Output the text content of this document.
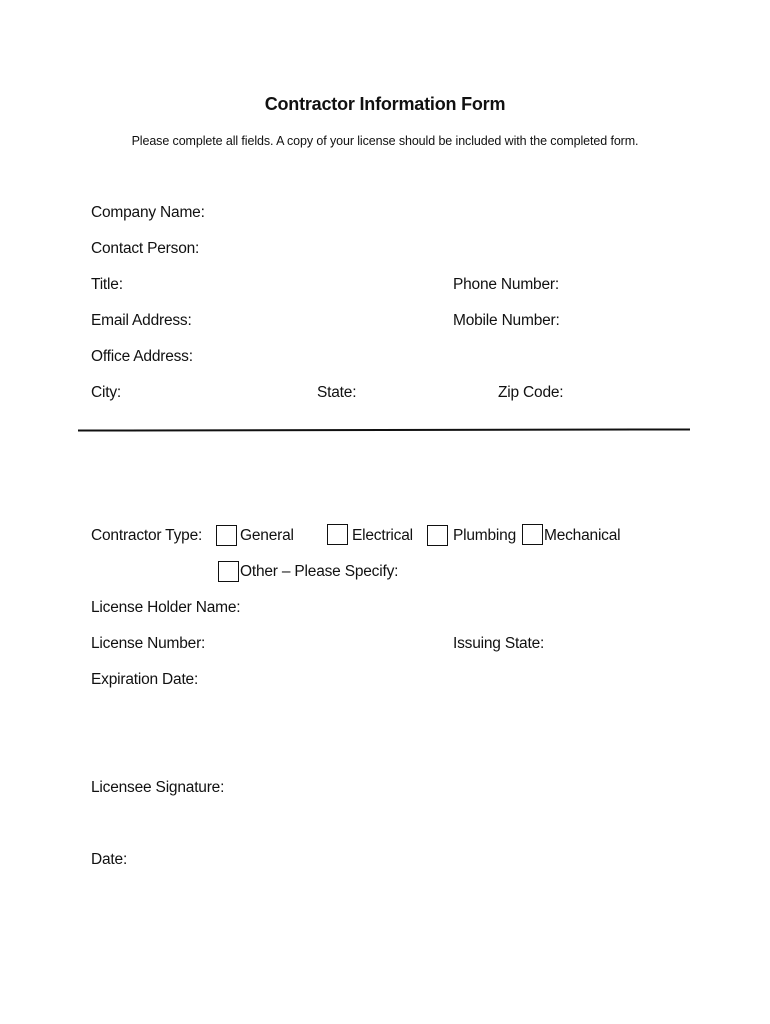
Contractor Information Form
Please complete all fields. A copy of your license should be included with the completed form.
Company Name:
Contact Person:
Title:	Phone Number:
Email Address:	Mobile Number:
Office Address:
City:	State:	Zip Code:
Contractor Type: General	Electrical	Plumbing Mechanical
Other – Please Specify:
License Holder Name:
License Number:	Issuing State:
Expiration Date:
Licensee Signature:
Date:
